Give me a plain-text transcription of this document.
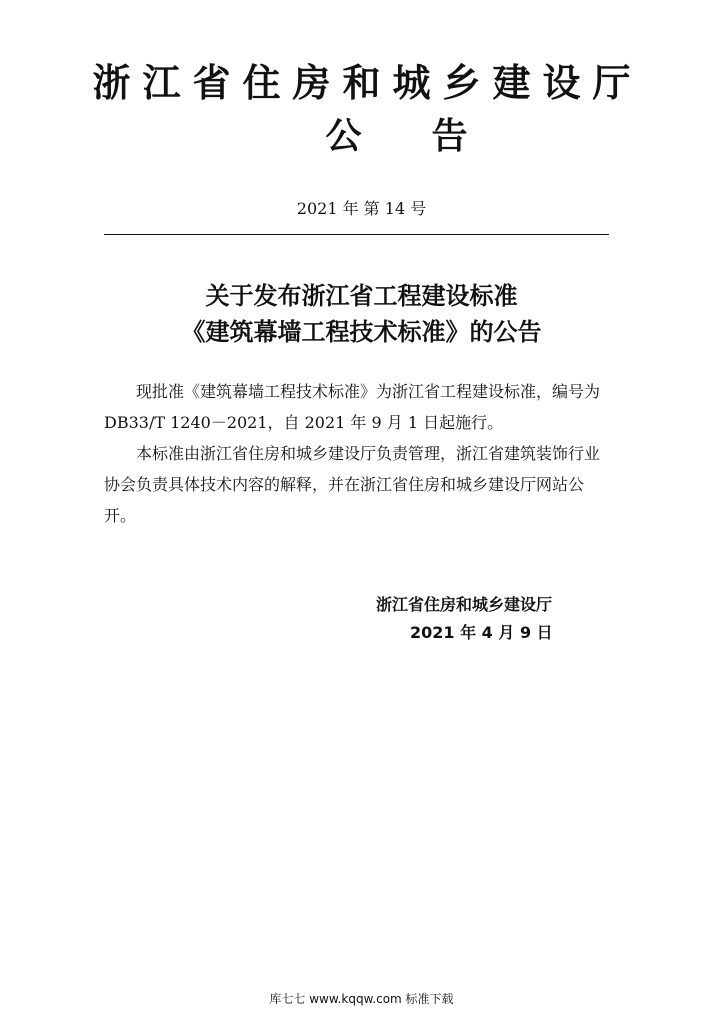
浙江省住房和城乡建设厅
公告
2021 年 第 14 号
关于发布浙江省工程建设标准
《建筑幕墙工程技术标准》的公告

现批准《建筑幕墙工程技术标准》为浙江省工程建设标准，编号为 DB33/T 1240－2021，自 2021 年 9 月 1 日起施行。

本标准由浙江省住房和城乡建设厅负责管理，浙江省建筑装饰行业协会负责具体技术内容的解释，并在浙江省住房和城乡建设厅网站公开。

浙江省住房和城乡建设厅
2021 年 4 月 9 日
库七七 www.kqqw.com 标准下载
